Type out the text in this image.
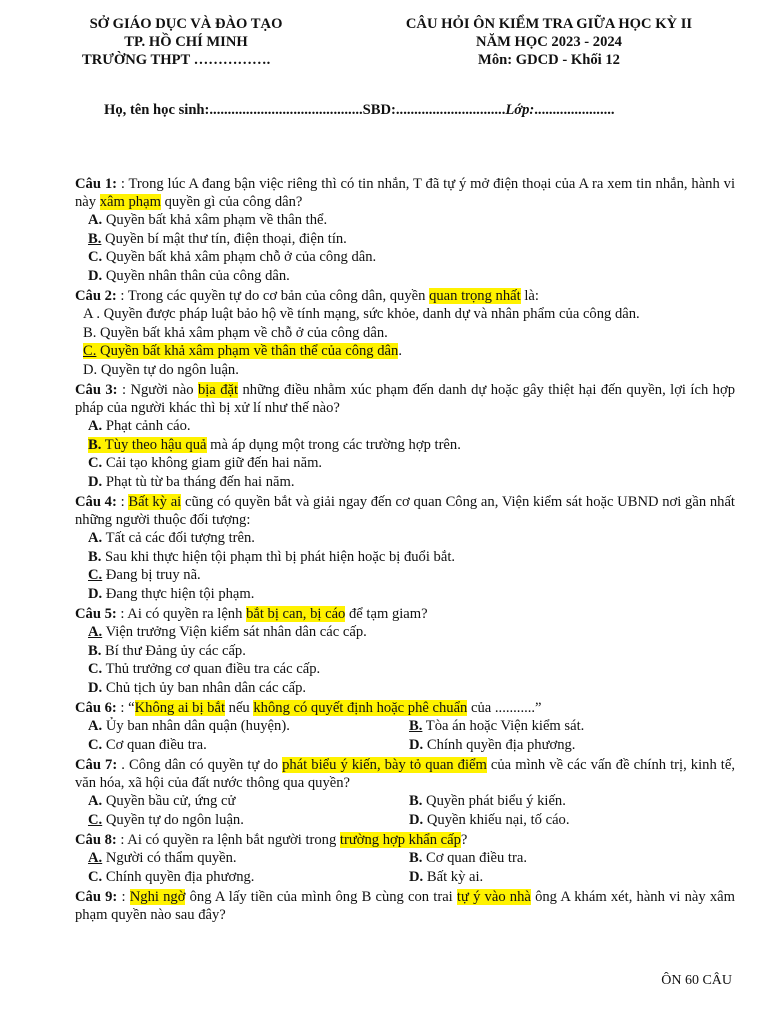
SỞ GIÁO DỤC VÀ ĐÀO TẠO
TP. HỒ CHÍ MINH
TRƯỜNG THPT …………….
CÂU HỎI ÔN KIỂM TRA GIỮA HỌC KỲ II
NĂM HỌC 2023 - 2024
Môn: GDCD - Khối 12
Họ, tên học sinh:..........................................SBD:..............................Lớp:......................
Câu 1: : Trong lúc A đang bận việc riêng thì có tin nhắn, T đã tự ý mở điện thoại của A ra xem tin nhắn, hành vi này xâm phạm quyền gì của công dân?
A. Quyền bất khả xâm phạm về thân thể.
B. Quyền bí mật thư tín, điện thoại, điện tín.
C. Quyền bất khả xâm phạm chỗ ở của công dân.
D. Quyền nhân thân của công dân.
Câu 2: : Trong các quyền tự do cơ bản của công dân, quyền quan trọng nhất là:
A . Quyền được pháp luật bảo hộ về tính mạng, sức khỏe, danh dự và nhân phẩm của công dân.
B. Quyền bất khả xâm phạm về chỗ ở của công dân.
C. Quyền bất khả xâm phạm về thân thể của công dân.
D. Quyền tự do ngôn luận.
Câu 3: : Người nào bịa đặt những điều nhằm xúc phạm đến danh dự hoặc gây thiệt hại đến quyền, lợi ích hợp pháp của người khác thì bị xử lí như thế nào?
A. Phạt cảnh cáo.
B. Tùy theo hậu quả mà áp dụng một trong các trường hợp trên.
C. Cải tạo không giam giữ đến hai năm.
D. Phạt tù từ ba tháng đến hai năm.
Câu 4: : Bất kỳ ai cũng có quyền bắt và giải ngay đến cơ quan Công an, Viện kiểm sát hoặc UBND nơi gần nhất những người thuộc đối tượng:
A. Tất cả các đối tượng trên.
B. Sau khi thực hiện tội phạm thì bị phát hiện hoặc bị đuổi bắt.
C. Đang bị truy nã.
D. Đang thực hiện tội phạm.
Câu 5: : Ai có quyền ra lệnh bắt bị can, bị cáo để tạm giam?
A. Viện trưởng Viện kiểm sát nhân dân các cấp.
B. Bí thư Đảng ủy các cấp.
C. Thủ trưởng cơ quan điều tra các cấp.
D. Chủ tịch ủy ban nhân dân các cấp.
Câu 6: : “Không ai bị bắt nếu không có quyết định hoặc phê chuẩn của ...........”
A. Ủy ban nhân dân quận (huyện).	B. Tòa án hoặc Viện kiểm sát.
C. Cơ quan điều tra.	D. Chính quyền địa phương.
Câu 7: . Công dân có quyền tự do phát biểu ý kiến, bày tỏ quan điểm của mình về các vấn đề chính trị, kinh tế, văn hóa, xã hội của đất nước thông qua quyền?
A. Quyền bầu cử, ứng cử	B. Quyền phát biểu ý kiến.
C. Quyền tự do ngôn luận.	D. Quyền khiếu nại, tố cáo.
Câu 8: : Ai có quyền ra lệnh bắt người trong trường hợp khẩn cấp?
A. Người có thẩm quyền.	B. Cơ quan điều tra.
C. Chính quyền địa phương.	D. Bất kỳ ai.
Câu 9: : Nghi ngờ ông A lấy tiền của mình ông B cùng con trai tự ý vào nhà ông A khám xét, hành vi này xâm phạm quyền nào sau đây?
ÔN 60 CÂU
